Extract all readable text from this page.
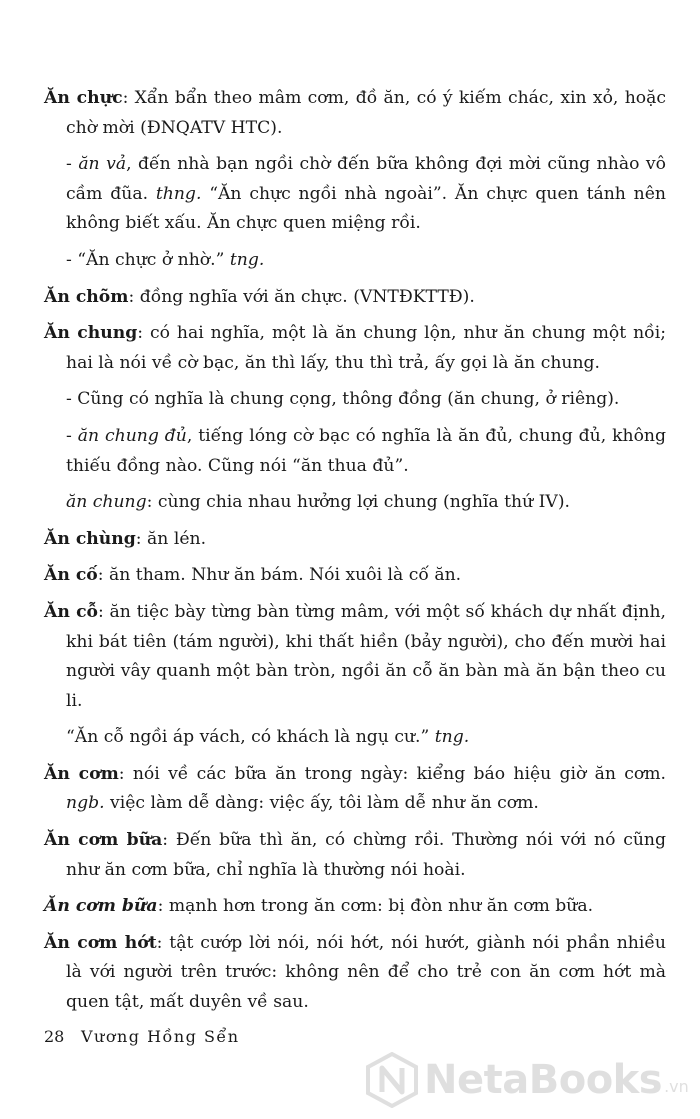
Ăn chực: Xẩn bẩn theo mâm cơm, đồ ăn, có ý kiếm chác, xin xỏ, hoặc chờ mời (ĐNQATV HTC).

- ăn vả, đến nhà bạn ngồi chờ đến bữa không đợi mời cũng nhào vô cầm đũa. thng. “Ăn chực ngồi nhà ngoài”. Ăn chực quen tánh nên không biết xấu. Ăn chực quen miệng rồi.

- “Ăn chực ở nhờ.” tng.

Ăn chõm: đồng nghĩa với ăn chực. (VNTĐKTTĐ).

Ăn chung: có hai nghĩa, một là ăn chung lộn, như ăn chung một nồi; hai là nói về cờ bạc, ăn thì lấy, thu thì trả, ấy gọi là ăn chung.

- Cũng có nghĩa là chung cọng, thông đồng (ăn chung, ở riêng).

- ăn chung đủ, tiếng lóng cờ bạc có nghĩa là ăn đủ, chung đủ, không thiếu đồng nào. Cũng nói “ăn thua đủ”.

ăn chung: cùng chia nhau hưởng lợi chung (nghĩa thứ IV).

Ăn chùng: ăn lén.

Ăn cố: ăn tham. Như ăn bám. Nói xuôi là cố ăn.

Ăn cỗ: ăn tiệc bày từng bàn từng mâm, với một số khách dự nhất định, khi bát tiên (tám người), khi thất hiền (bảy người), cho đến mười hai người vây quanh một bàn tròn, ngồi ăn cỗ ăn bàn mà ăn bận theo cu li.

“Ăn cỗ ngồi áp vách, có khách là ngụ cư.” tng.

Ăn cơm: nói về các bữa ăn trong ngày: kiểng báo hiệu giờ ăn cơm. ngb. việc làm dễ dàng: việc ấy, tôi làm dễ như ăn cơm.

Ăn cơm bữa: Đến bữa thì ăn, có chừng rồi. Thường nói với nó cũng như ăn cơm bữa, chỉ nghĩa là thường nói hoài.

Ăn cơm bữa: mạnh hơn trong ăn cơm: bị đòn như ăn cơm bữa.

Ăn cơm hớt: tật cướp lời nói, nói hớt, nói hướt, giành nói phần nhiều là với người trên trước: không nên để cho trẻ con ăn cơm hớt mà quen tật, mất duyên về sau.

28 Vương Hồng Sển
NetaBooks .vn
